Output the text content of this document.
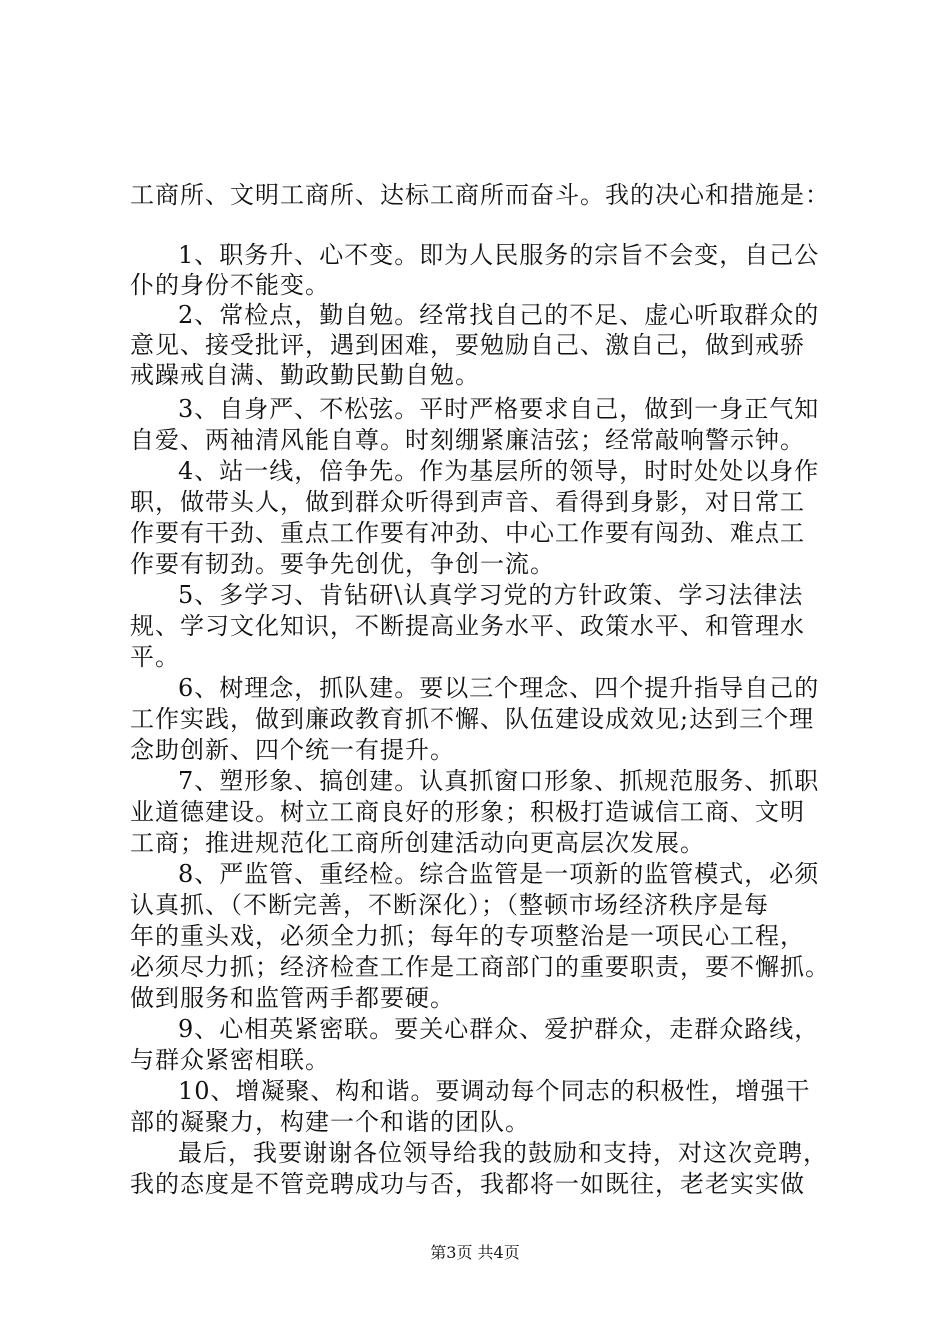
工商所、文明工商所、达标工商所而奋斗。我的决心和措施是：
1、职务升、心不变。即为人民服务的宗旨不会变，自己公
仆的身份不能变。
2、常检点，勤自勉。经常找自己的不足、虚心听取群众的
意见、接受批评，遇到困难，要勉励自己、激自己，做到戒骄
戒躁戒自满、勤政勤民勤自勉。
3、自身严、不松弦。平时严格要求自己，做到一身正气知
自爱、两袖清风能自尊。时刻绷紧廉洁弦；经常敲响警示钟。
4、站一线，倍争先。作为基层所的领导，时时处处以身作
职，做带头人，做到群众听得到声音、看得到身影，对日常工
作要有干劲、重点工作要有冲劲、中心工作要有闯劲、难点工
作要有韧劲。要争先创优，争创一流。
5、多学习、肯钻研\认真学习党的方针政策、学习法律法
规、学习文化知识，不断提高业务水平、政策水平、和管理水
平。
6、树理念，抓队建。要以三个理念、四个提升指导自己的
工作实践，做到廉政教育抓不懈、队伍建设成效见;达到三个理
念助创新、四个统一有提升。
7、塑形象、搞创建。认真抓窗口形象、抓规范服务、抓职
业道德建设。树立工商良好的形象；积极打造诚信工商、文明
工商；推进规范化工商所创建活动向更高层次发展。
8、严监管、重经检。综合监管是一项新的监管模式，必须
认真抓、（不断完善，不断深化）；（整顿市场经济秩序是每
年的重头戏，必须全力抓；每年的专项整治是一项民心工程，
必须尽力抓；经济检查工作是工商部门的重要职责，要不懈抓。
做到服务和监管两手都要硬。
9、心相英紧密联。要关心群众、爱护群众，走群众路线，
与群众紧密相联。
10、增凝聚、构和谐。要调动每个同志的积极性，增强干
部的凝聚力，构建一个和谐的团队。
最后，我要谢谢各位领导给我的鼓励和支持，对这次竞聘，
我的态度是不管竞聘成功与否，我都将一如既往，老老实实做
第3页 共4页
